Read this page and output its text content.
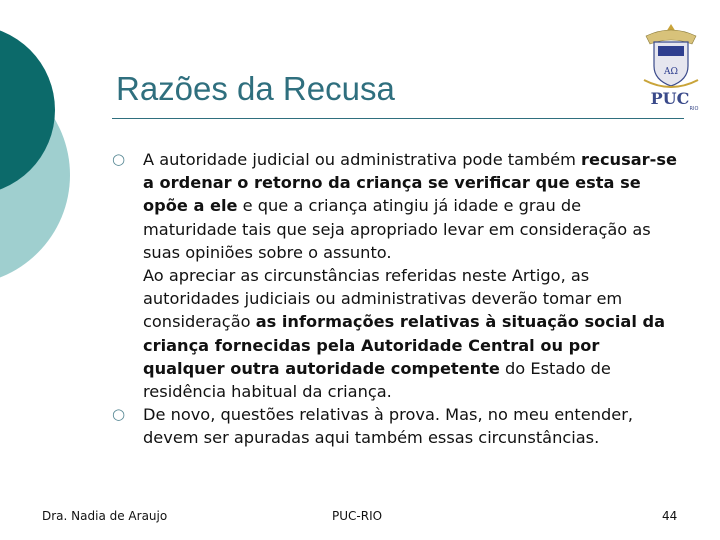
Razões da Recusa	AΩ
PUC
RIO
○ A autoridade judicial ou administrativa pode também recusar-se a ordenar o retorno da criança se verificar que esta se opõe a ele e que a criança atingiu já idade e grau de maturidade tais que seja apropriado levar em consideração as suas opiniões sobre o assunto.
Ao apreciar as circunstâncias referidas neste Artigo, as autoridades judiciais ou administrativas deverão tomar em consideração as informações relativas à situação social da criança fornecidas pela Autoridade Central ou por qualquer outra autoridade competente do Estado de residência habitual da criança.
○ De novo, questões relativas à prova. Mas, no meu entender, devem ser apuradas aqui também essas circunstâncias.
Dra. Nadia de Araujo	PUC-RIO	44
